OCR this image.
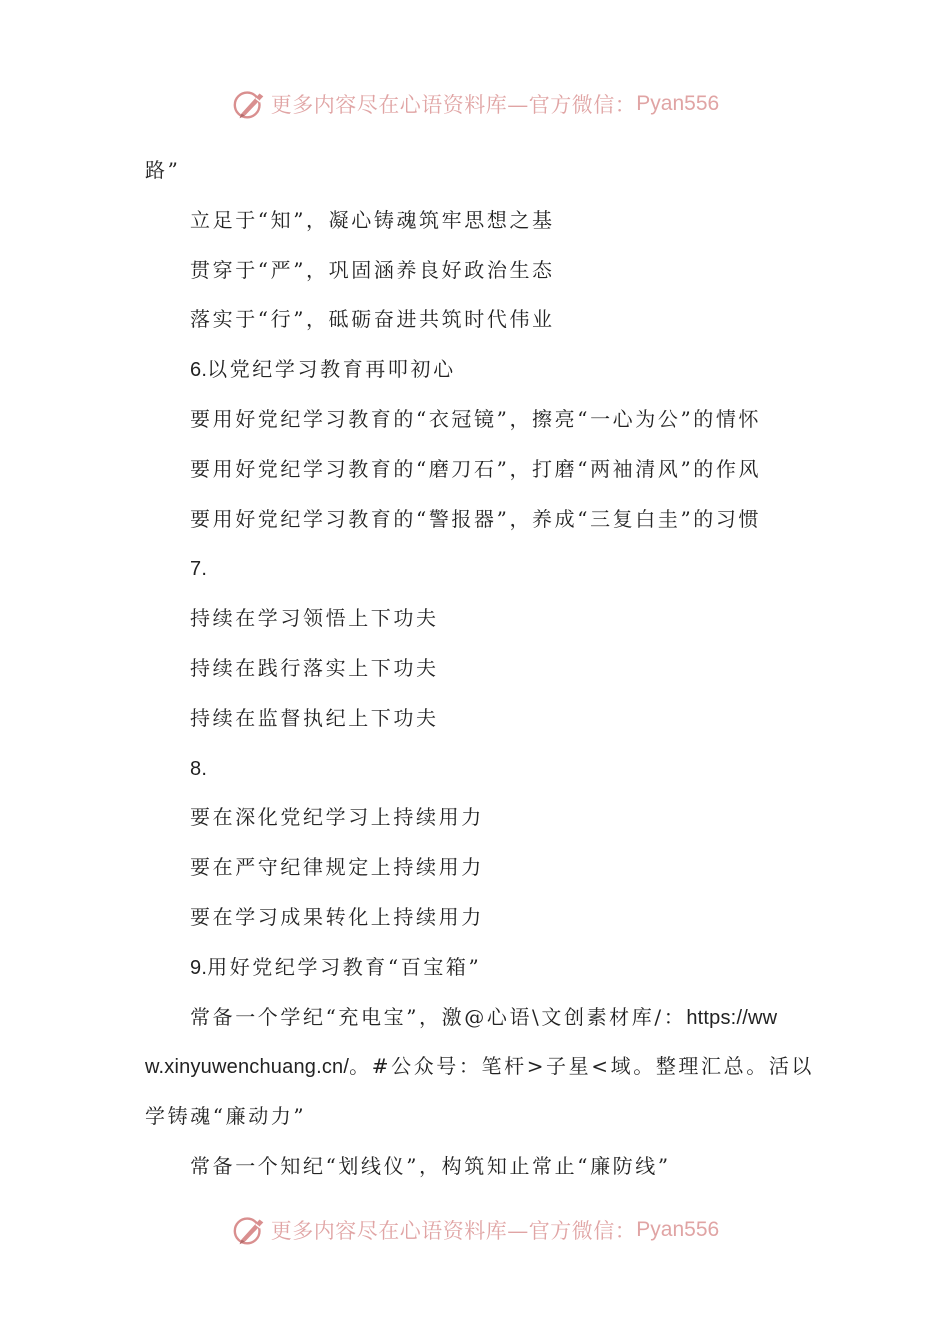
更多内容尽在心语资料库—官方微信： Pyan556
路”
立足于“知”，凝心铸魂筑牢思想之基
贯穿于“严”，巩固涵养良好政治生态
落实于“行”，砥砺奋进共筑时代伟业
6.以党纪学习教育再叩初心
要用好党纪学习教育的“衣冠镜”，擦亮“一心为公”的情怀
要用好党纪学习教育的“磨刀石”，打磨“两袖清风”的作风
要用好党纪学习教育的“警报器”，养成“三复白圭”的习惯
7.
持续在学习领悟上下功夫
持续在践行落实上下功夫
持续在监督执纪上下功夫
8.
要在深化党纪学习上持续用力
要在严守纪律规定上持续用力
要在学习成果转化上持续用力
9.用好党纪学习教育“百宝箱”
常备一个学纪“充电宝”，激@心语\文创素材库/：https://ww
w.xinyuwenchuang.cn/。#公众号：笔杆>子星<域。整理汇总。活以
学铸魂“廉动力”
常备一个知纪“划线仪”，构筑知止常止“廉防线”
更多内容尽在心语资料库—官方微信： Pyan556
